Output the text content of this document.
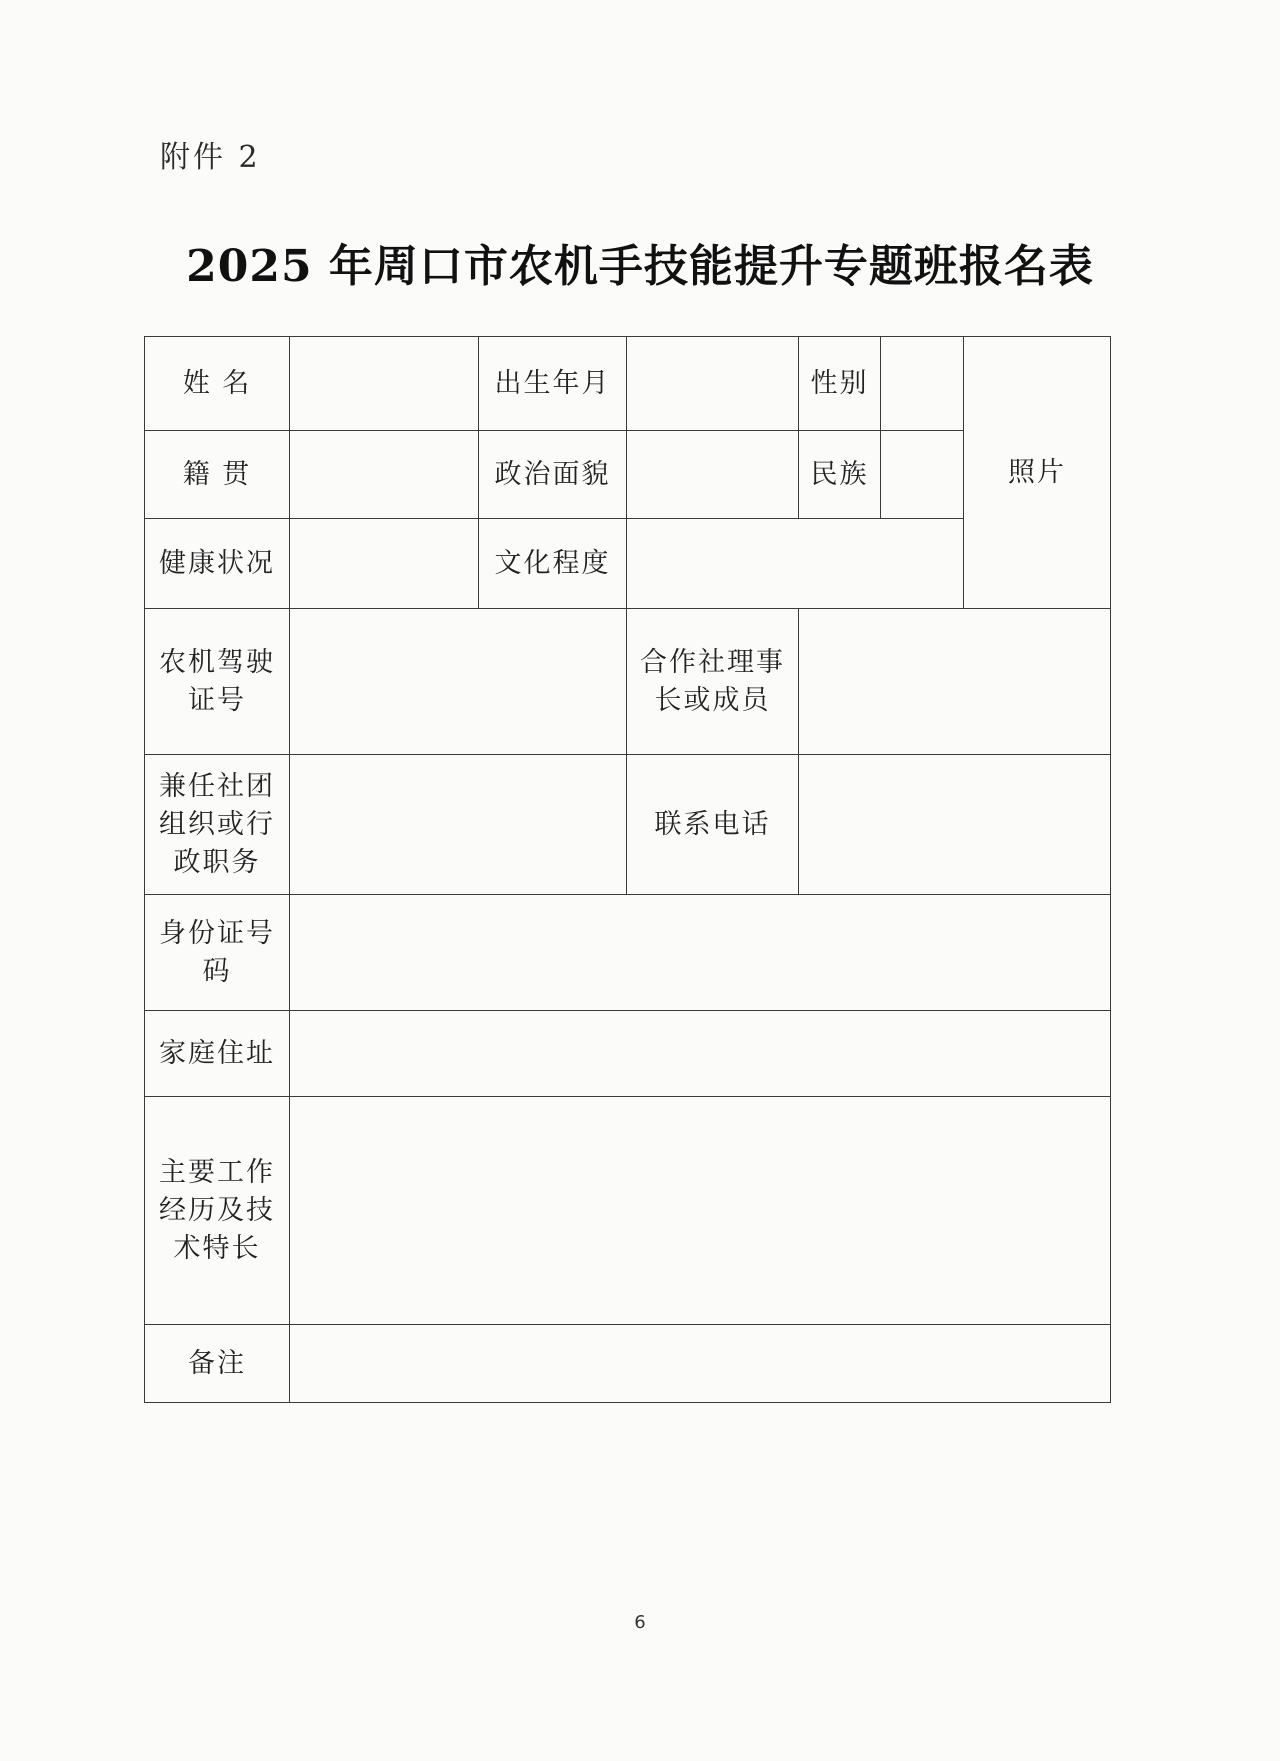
附件 2
2025 年周口市农机手技能提升专题班报名表
姓 名		出生年月		性别		照片
籍 贯		政治面貌		民族		
健康状况		文化程度				
农机驾驶证号			合作社理事长或成员			
兼任社团组织或行政职务			联系电话			
身份证号码						
家庭住址						
主要工作经历及技术特长						
备注						
6
